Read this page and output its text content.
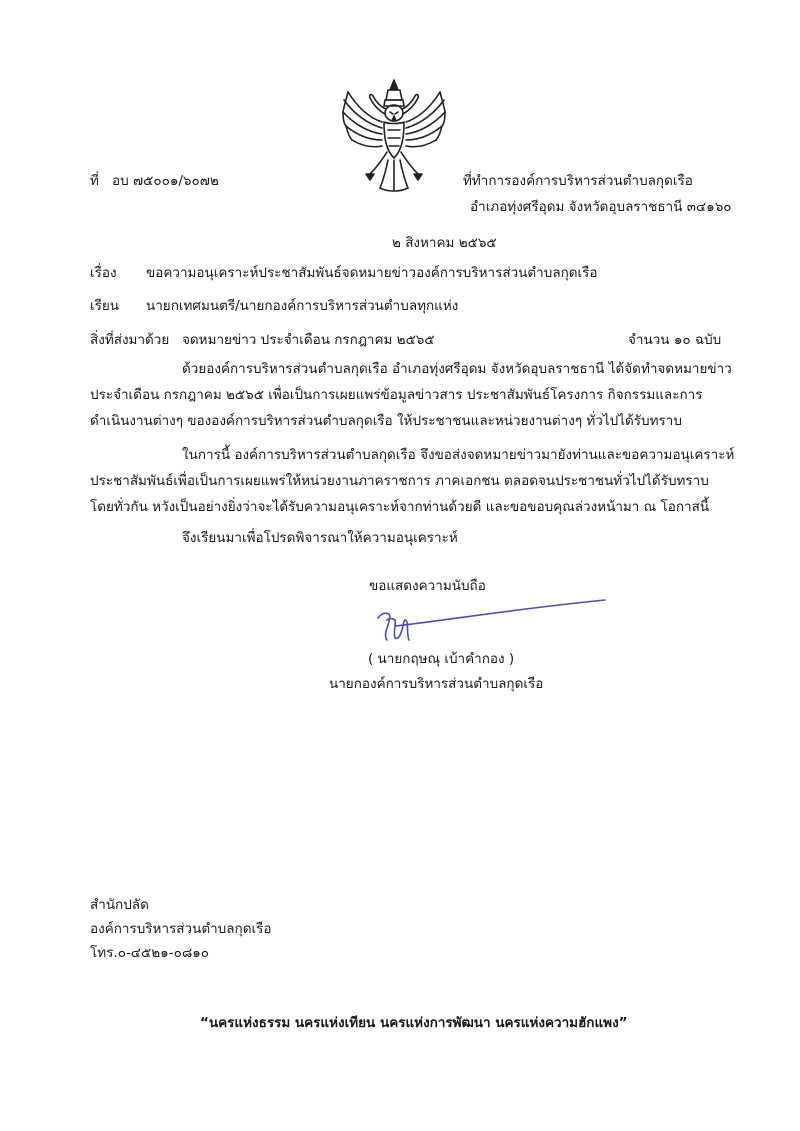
ที่ อบ ๗๕๐๐๑/๖๐๗๒	ที่ทำการองค์การบริหารส่วนตำบลกุดเรือ
อำเภอทุ่งศรีอุดม จังหวัดอุบลราชธานี ๓๔๑๖๐
๒ สิงหาคม ๒๕๖๕
เรื่อง ขอความอนุเคราะห์ประชาสัมพันธ์จดหมายข่าวองค์การบริหารส่วนตำบลกุดเรือ
เรียน นายกเทศมนตรี/นายกองค์การบริหารส่วนตำบลทุกแห่ง
สิ่งที่ส่งมาด้วย จดหมายข่าว ประจำเดือน กรกฎาคม ๒๕๖๕	จำนวน ๑๐ ฉบับ
ด้วยองค์การบริหารส่วนตำบลกุดเรือ อำเภอทุ่งศรีอุดม จังหวัดอุบลราชธานี ได้จัดทำจดหมายข่าว
ประจำเดือน กรกฎาคม ๒๕๖๕ เพื่อเป็นการเผยแพร่ข้อมูลข่าวสาร ประชาสัมพันธ์โครงการ กิจกรรมและการ
ดำเนินงานต่างๆ ขององค์การบริหารส่วนตำบลกุดเรือ ให้ประชาชนและหน่วยงานต่างๆ ทั่วไปได้รับทราบ
ในการนี้ องค์การบริหารส่วนตำบลกุดเรือ จึงขอส่งจดหมายข่าวมายังท่านและขอความอนุเคราะห์
ประชาสัมพันธ์เพื่อเป็นการเผยแพร่ให้หน่วยงานภาคราชการ ภาคเอกชน ตลอดจนประชาชนทั่วไปได้รับทราบ
โดยทั่วกัน หวังเป็นอย่างยิ่งว่าจะได้รับความอนุเคราะห์จากท่านด้วยดี และขอขอบคุณล่วงหน้ามา ณ โอกาสนี้
จึงเรียนมาเพื่อโปรดพิจารณาให้ความอนุเคราะห์
ขอแสดงความนับถือ
( นายกฤษณุ เบ้าคำกอง )
นายกองค์การบริหารส่วนตำบลกุดเรือ
สำนักปลัด
องค์การบริหารส่วนตำบลกุดเรือ
โทร.๐-๔๕๒๑-๐๘๑๐
“นครแห่งธรรม นครแห่งเทียน นครแห่งการพัฒนา นครแห่งความฮักแพง”
